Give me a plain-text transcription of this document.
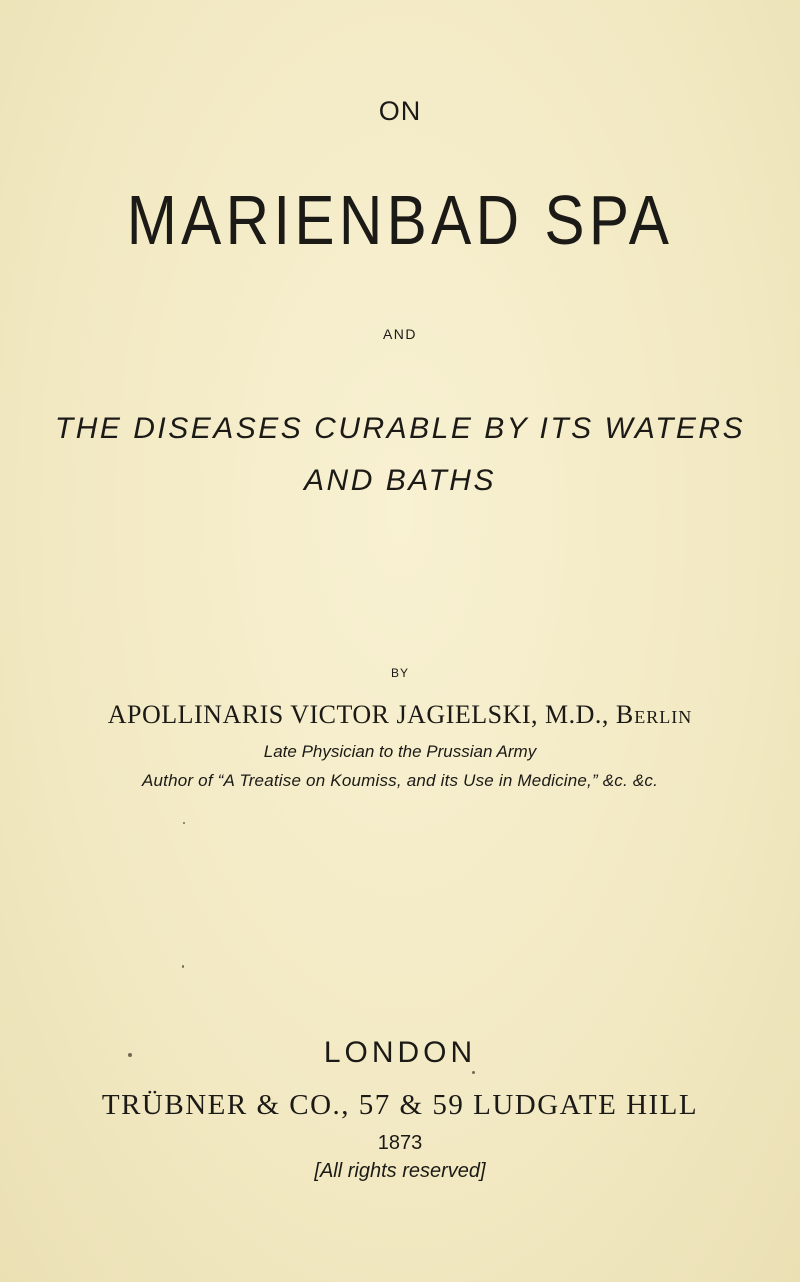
ON
MARIENBAD SPA
AND
THE DISEASES CURABLE BY ITS WATERS
AND BATHS
BY
APOLLINARIS VICTOR JAGIELSKI, M.D., Berlin
Late Physician to the Prussian Army
Author of “A Treatise on Koumiss, and its Use in Medicine,” &c. &c.
LONDON
TRÜBNER & CO., 57 & 59 LUDGATE HILL
1873
[All rights reserved]
